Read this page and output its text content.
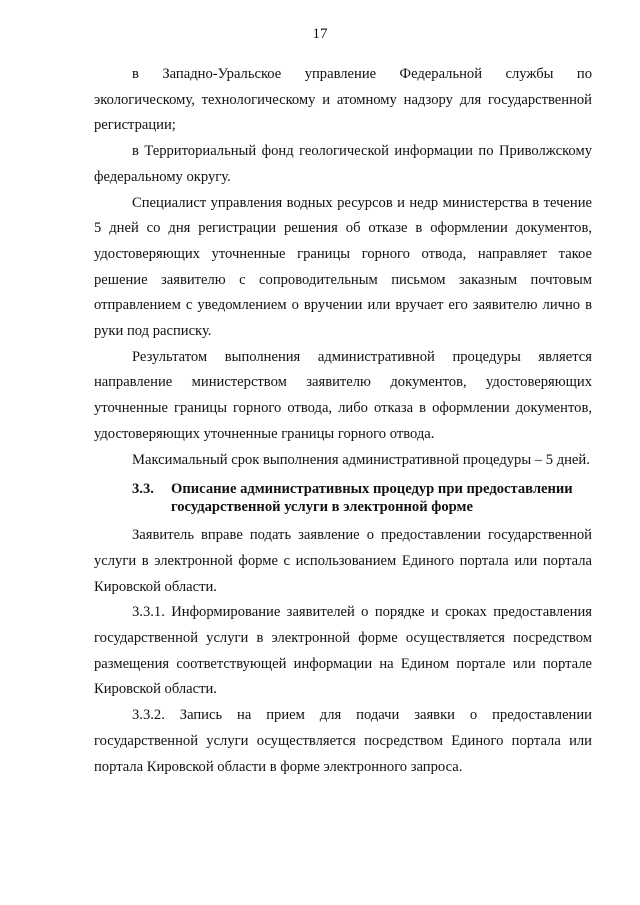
17

в Западно-Уральское управление Федеральной службы по экологическому, технологическому и атомному надзору для государственной регистрации;

в Территориальный фонд геологической информации по Приволжскому федеральному округу.

Специалист управления водных ресурсов и недр министерства в течение 5 дней со дня регистрации решения об отказе в оформлении документов, удостоверяющих уточненные границы горного отвода, направляет такое решение заявителю с сопроводительным письмом заказным почтовым отправлением с уведомлением о вручении или вручает его заявителю лично в руки под расписку.

Результатом выполнения административной процедуры является направление министерством заявителю документов, удостоверяющих уточненные границы горного отвода, либо отказа в оформлении документов, удостоверяющих уточненные границы горного отвода.

Максимальный срок выполнения административной процедуры – 5 дней.

3.3. Описание административных процедур при предоставлении
государственной услуги в электронной форме

Заявитель вправе подать заявление о предоставлении государственной услуги в электронной форме с использованием Единого портала или портала Кировской области.

3.3.1. Информирование заявителей о порядке и сроках предоставления государственной услуги в электронной форме осуществляется посредством размещения соответствующей информации на Едином портале или портале Кировской области.

3.3.2. Запись на прием для подачи заявки о предоставлении государственной услуги осуществляется посредством Единого портала или портала Кировской области в форме электронного запроса.
